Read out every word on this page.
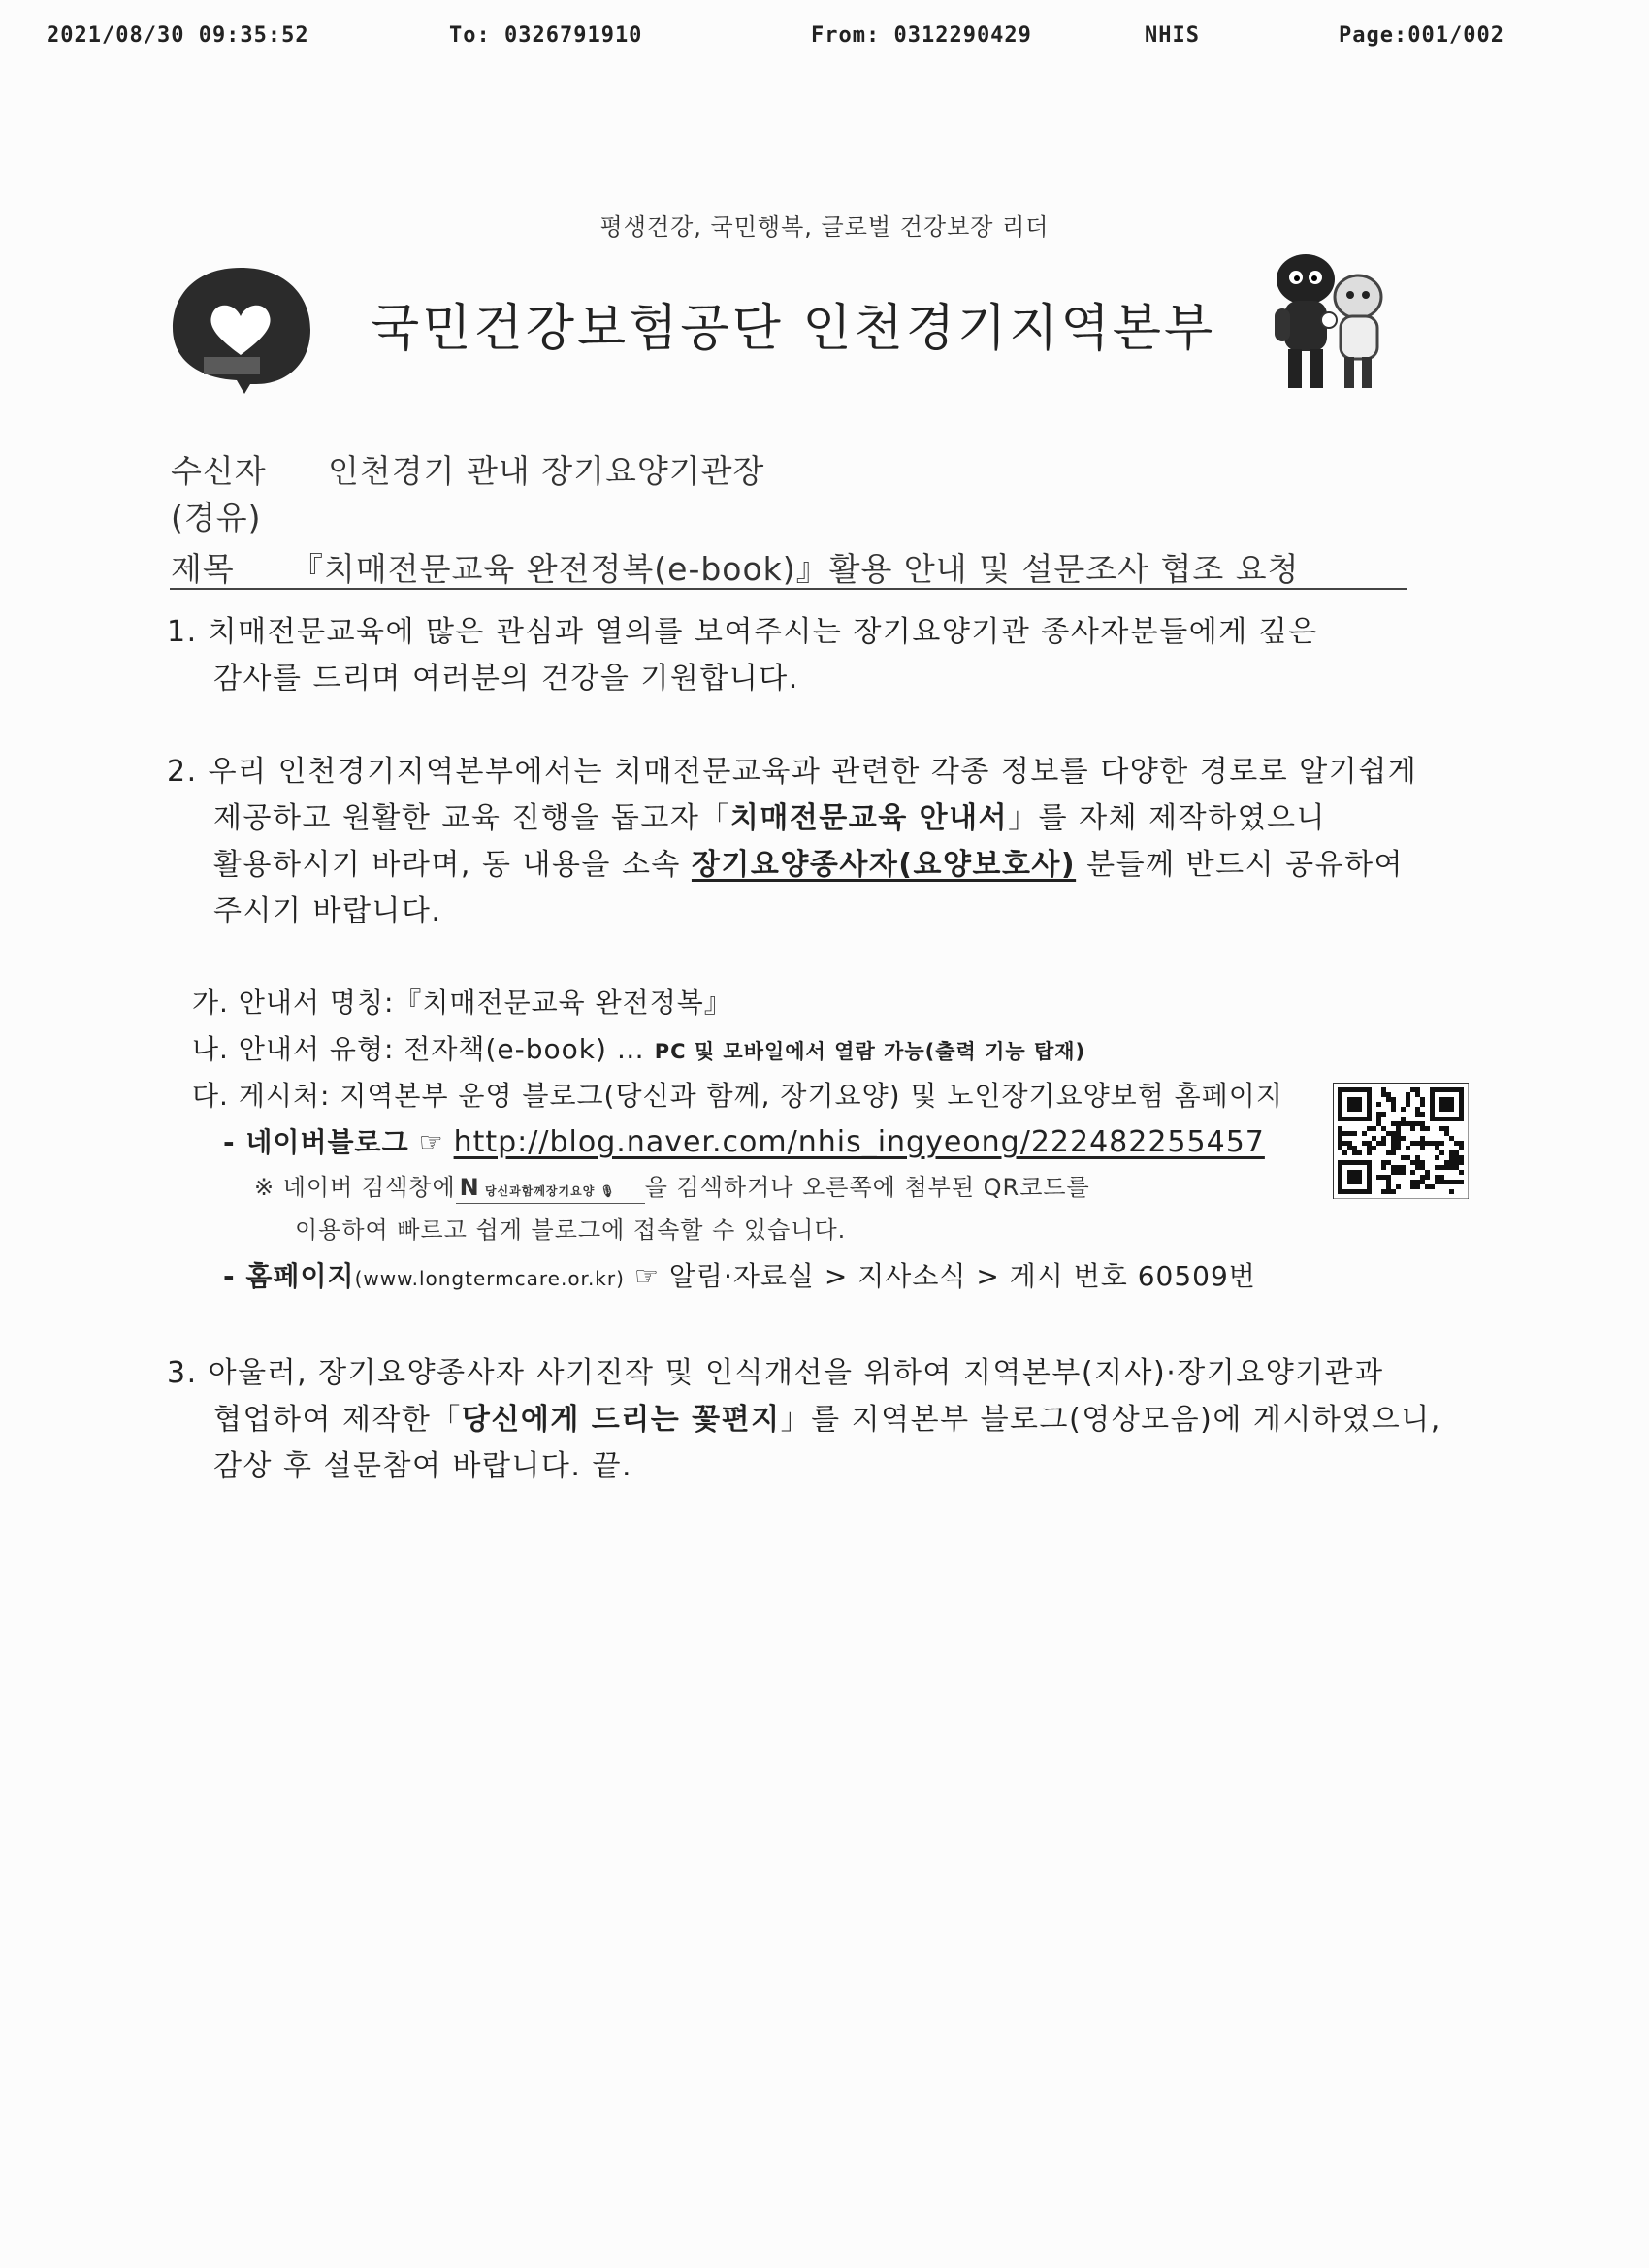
2021/08/30 09:35:52	To: 0326791910	From: 0312290429	NHIS	Page:001/002
평생건강, 국민행복, 글로벌 건강보장 리더
국민건강보험공단 인천경기지역본부
수신자 인천경기 관내 장기요양기관장
(경유)
제목 『치매전문교육 완전정복(e-book)』활용 안내 및 설문조사 협조 요청
1. 치매전문교육에 많은 관심과 열의를 보여주시는 장기요양기관 종사자분들에게 깊은
감사를 드리며 여러분의 건강을 기원합니다.
2. 우리 인천경기지역본부에서는 치매전문교육과 관련한 각종 정보를 다양한 경로로 알기쉽게
제공하고 원활한 교육 진행을 돕고자「치매전문교육 안내서」를 자체 제작하였으니
활용하시기 바라며, 동 내용을 소속 장기요양종사자(요양보호사) 분들께 반드시 공유하여
주시기 바랍니다.
가. 안내서 명칭:『치매전문교육 완전정복』
나. 안내서 유형: 전자책(e-book) … PC 및 모바일에서 열람 가능(출력 기능 탑재)
다. 게시처: 지역본부 운영 블로그(당신과 함께, 장기요양) 및 노인장기요양보험 홈페이지
- 네이버블로그 ☞ http://blog.naver.com/nhis_ingyeong/222482255457
※ 네이버 검색창에 N 당신과함께장기요양 🎙 을 검색하거나 오른쪽에 첨부된 QR코드를
이용하여 빠르고 쉽게 블로그에 접속할 수 있습니다.
- 홈페이지(www.longtermcare.or.kr) ☞ 알림·자료실 > 지사소식 > 게시 번호 60509번
3. 아울러, 장기요양종사자 사기진작 및 인식개선을 위하여 지역본부(지사)·장기요양기관과
협업하여 제작한「당신에게 드리는 꽃편지」를 지역본부 블로그(영상모음)에 게시하였으니,
감상 후 설문참여 바랍니다. 끝.
